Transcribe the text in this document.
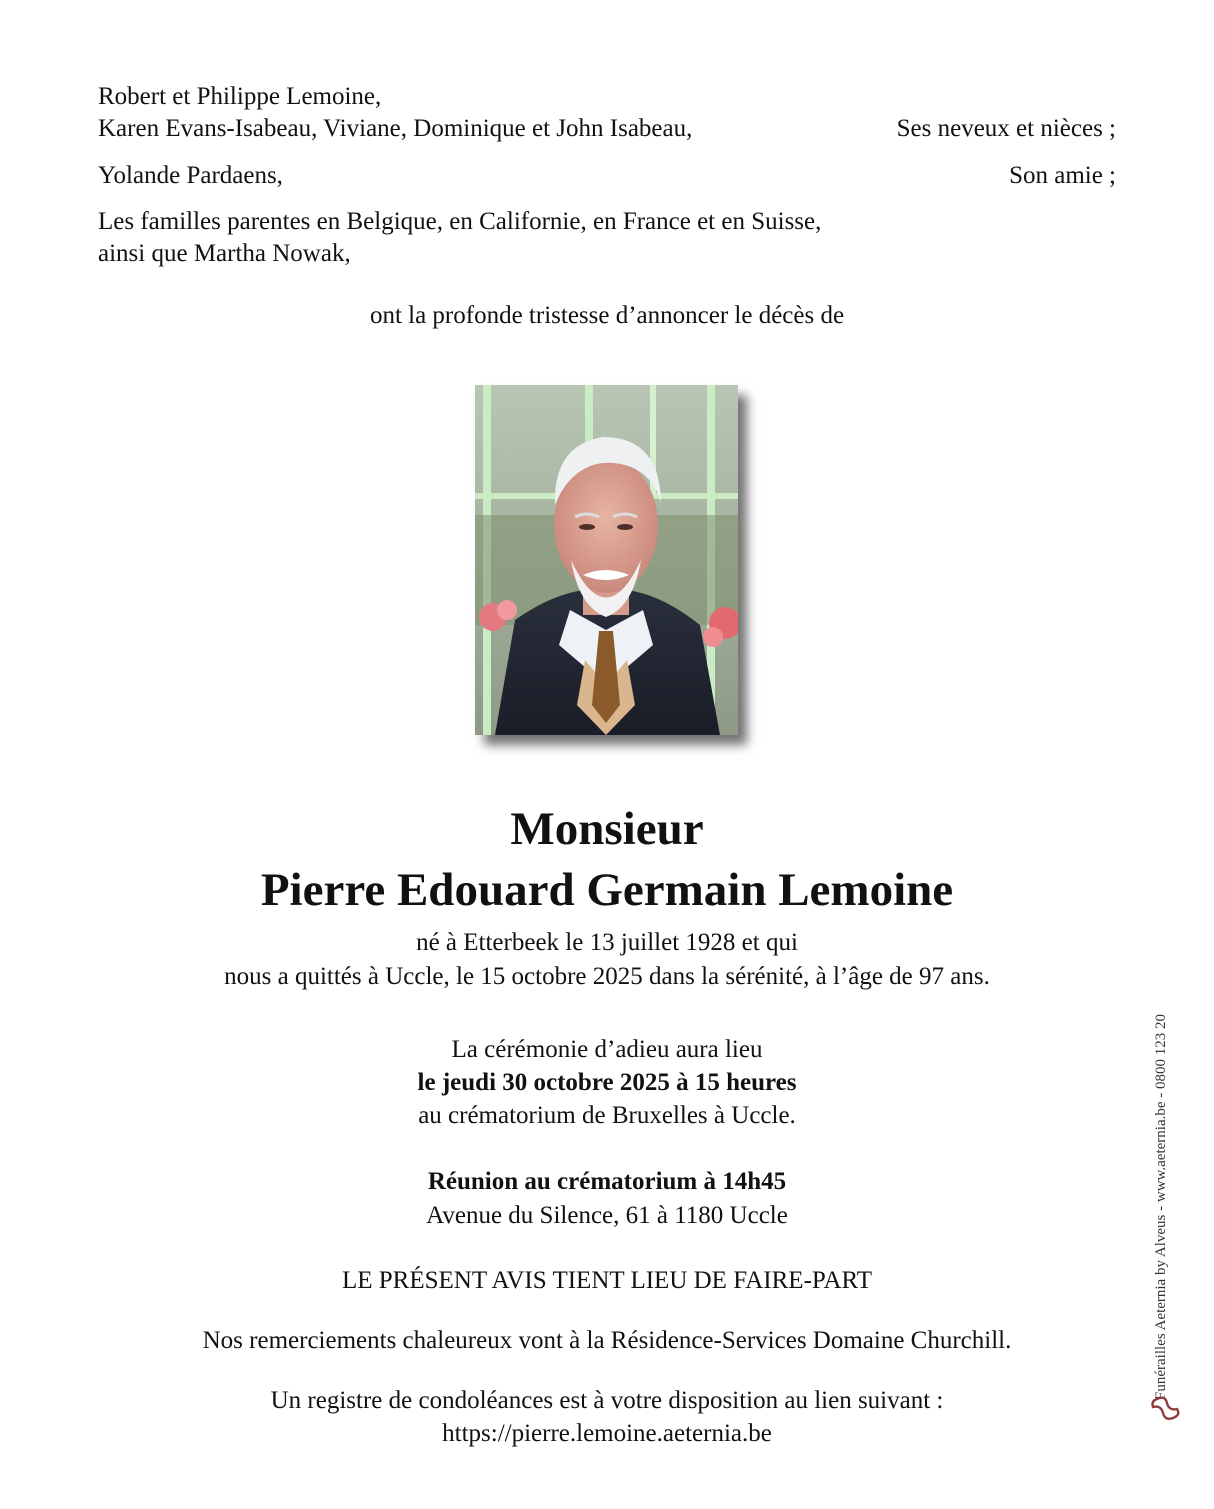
Robert et Philippe Lemoine,
Karen Evans-Isabeau, Viviane, Dominique et John Isabeau,	Ses neveux et nièces ;
Yolande Pardaens,	Son amie ;
Les familles parentes en Belgique, en Californie, en France et en Suisse,
ainsi que Martha Nowak,
ont la profonde tristesse d’annoncer le décès de
Monsieur
Pierre Edouard Germain Lemoine
né à Etterbeek le 13 juillet 1928 et qui
nous a quittés à Uccle, le 15 octobre 2025 dans la sérénité, à l’âge de 97 ans.
La cérémonie d’adieu aura lieu
le jeudi 30 octobre 2025 à 15 heures
au crématorium de Bruxelles à Uccle.
Réunion au crématorium à 14h45
Avenue du Silence, 61 à 1180 Uccle
LE PRÉSENT AVIS TIENT LIEU DE FAIRE-PART
Nos remerciements chaleureux vont à la Résidence-Services Domaine Churchill.
Un registre de condoléances est à votre disposition au lien suivant :
https://pierre.lemoine.aeternia.be
Funérailles Aeternia by Alveus - www.aeternia.be - 0800 123 20
